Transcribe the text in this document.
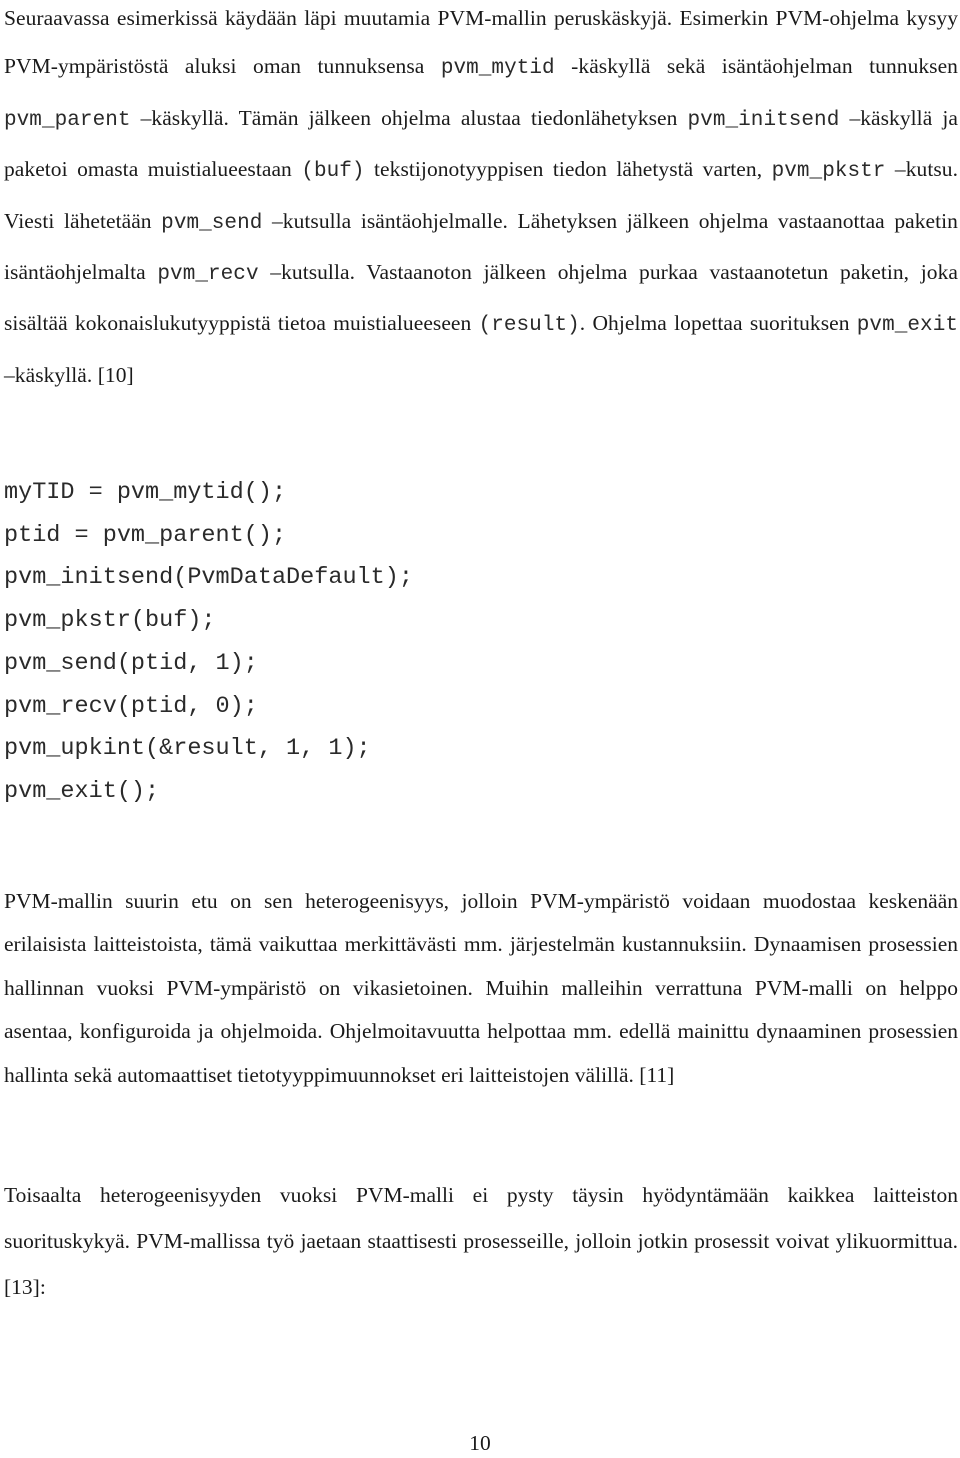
Seuraavassa esimerkissä käydään läpi muutamia PVM-mallin peruskäskyjä. Esimerkin PVM-ohjelma kysyy PVM-ympäristöstä aluksi oman tunnuksensa pvm_mytid -käskyllä sekä isäntäohjelman tunnuksen pvm_parent –käskyllä. Tämän jälkeen ohjelma alustaa tiedonlähetyksen pvm_initsend –käskyllä ja paketoi omasta muistialueestaan (buf) tekstijonotyyppisen tiedon lähetystä varten, pvm_pkstr –kutsu. Viesti lähetetään pvm_send –kutsulla isäntäohjelmalle. Lähetyksen jälkeen ohjelma vastaanottaa paketin isäntäohjelmalta pvm_recv –kutsulla. Vastaanoton jälkeen ohjelma purkaa vastaanotetun paketin, joka sisältää kokonaislukutyyppistä tietoa muistialueeseen (result). Ohjelma lopettaa suorituksen pvm_exit –käskyllä. [10]

myTID = pvm_mytid();
ptid = pvm_parent();
pvm_initsend(PvmDataDefault);
pvm_pkstr(buf);
pvm_send(ptid, 1);
pvm_recv(ptid, 0);
pvm_upkint(&result, 1, 1);
pvm_exit();

PVM-mallin suurin etu on sen heterogeenisyys, jolloin PVM-ympäristö voidaan muodostaa keskenään erilaisista laitteistoista, tämä vaikuttaa merkittävästi mm. järjestelmän kustannuksiin. Dynaamisen prosessien hallinnan vuoksi PVM-ympäristö on vikasietoinen. Muihin malleihin verrattuna PVM-malli on helppo asentaa, konfiguroida ja ohjelmoida. Ohjelmoitavuutta helpottaa mm. edellä mainittu dynaaminen prosessien hallinta sekä automaattiset tietotyyppimuunnokset eri laitteistojen välillä. [11]

Toisaalta heterogeenisyyden vuoksi PVM-malli ei pysty täysin hyödyntämään kaikkea laitteiston suorituskykyä. PVM-mallissa työ jaetaan staattisesti prosesseille, jolloin jotkin prosessit voivat ylikuormittua. [13]:

10
